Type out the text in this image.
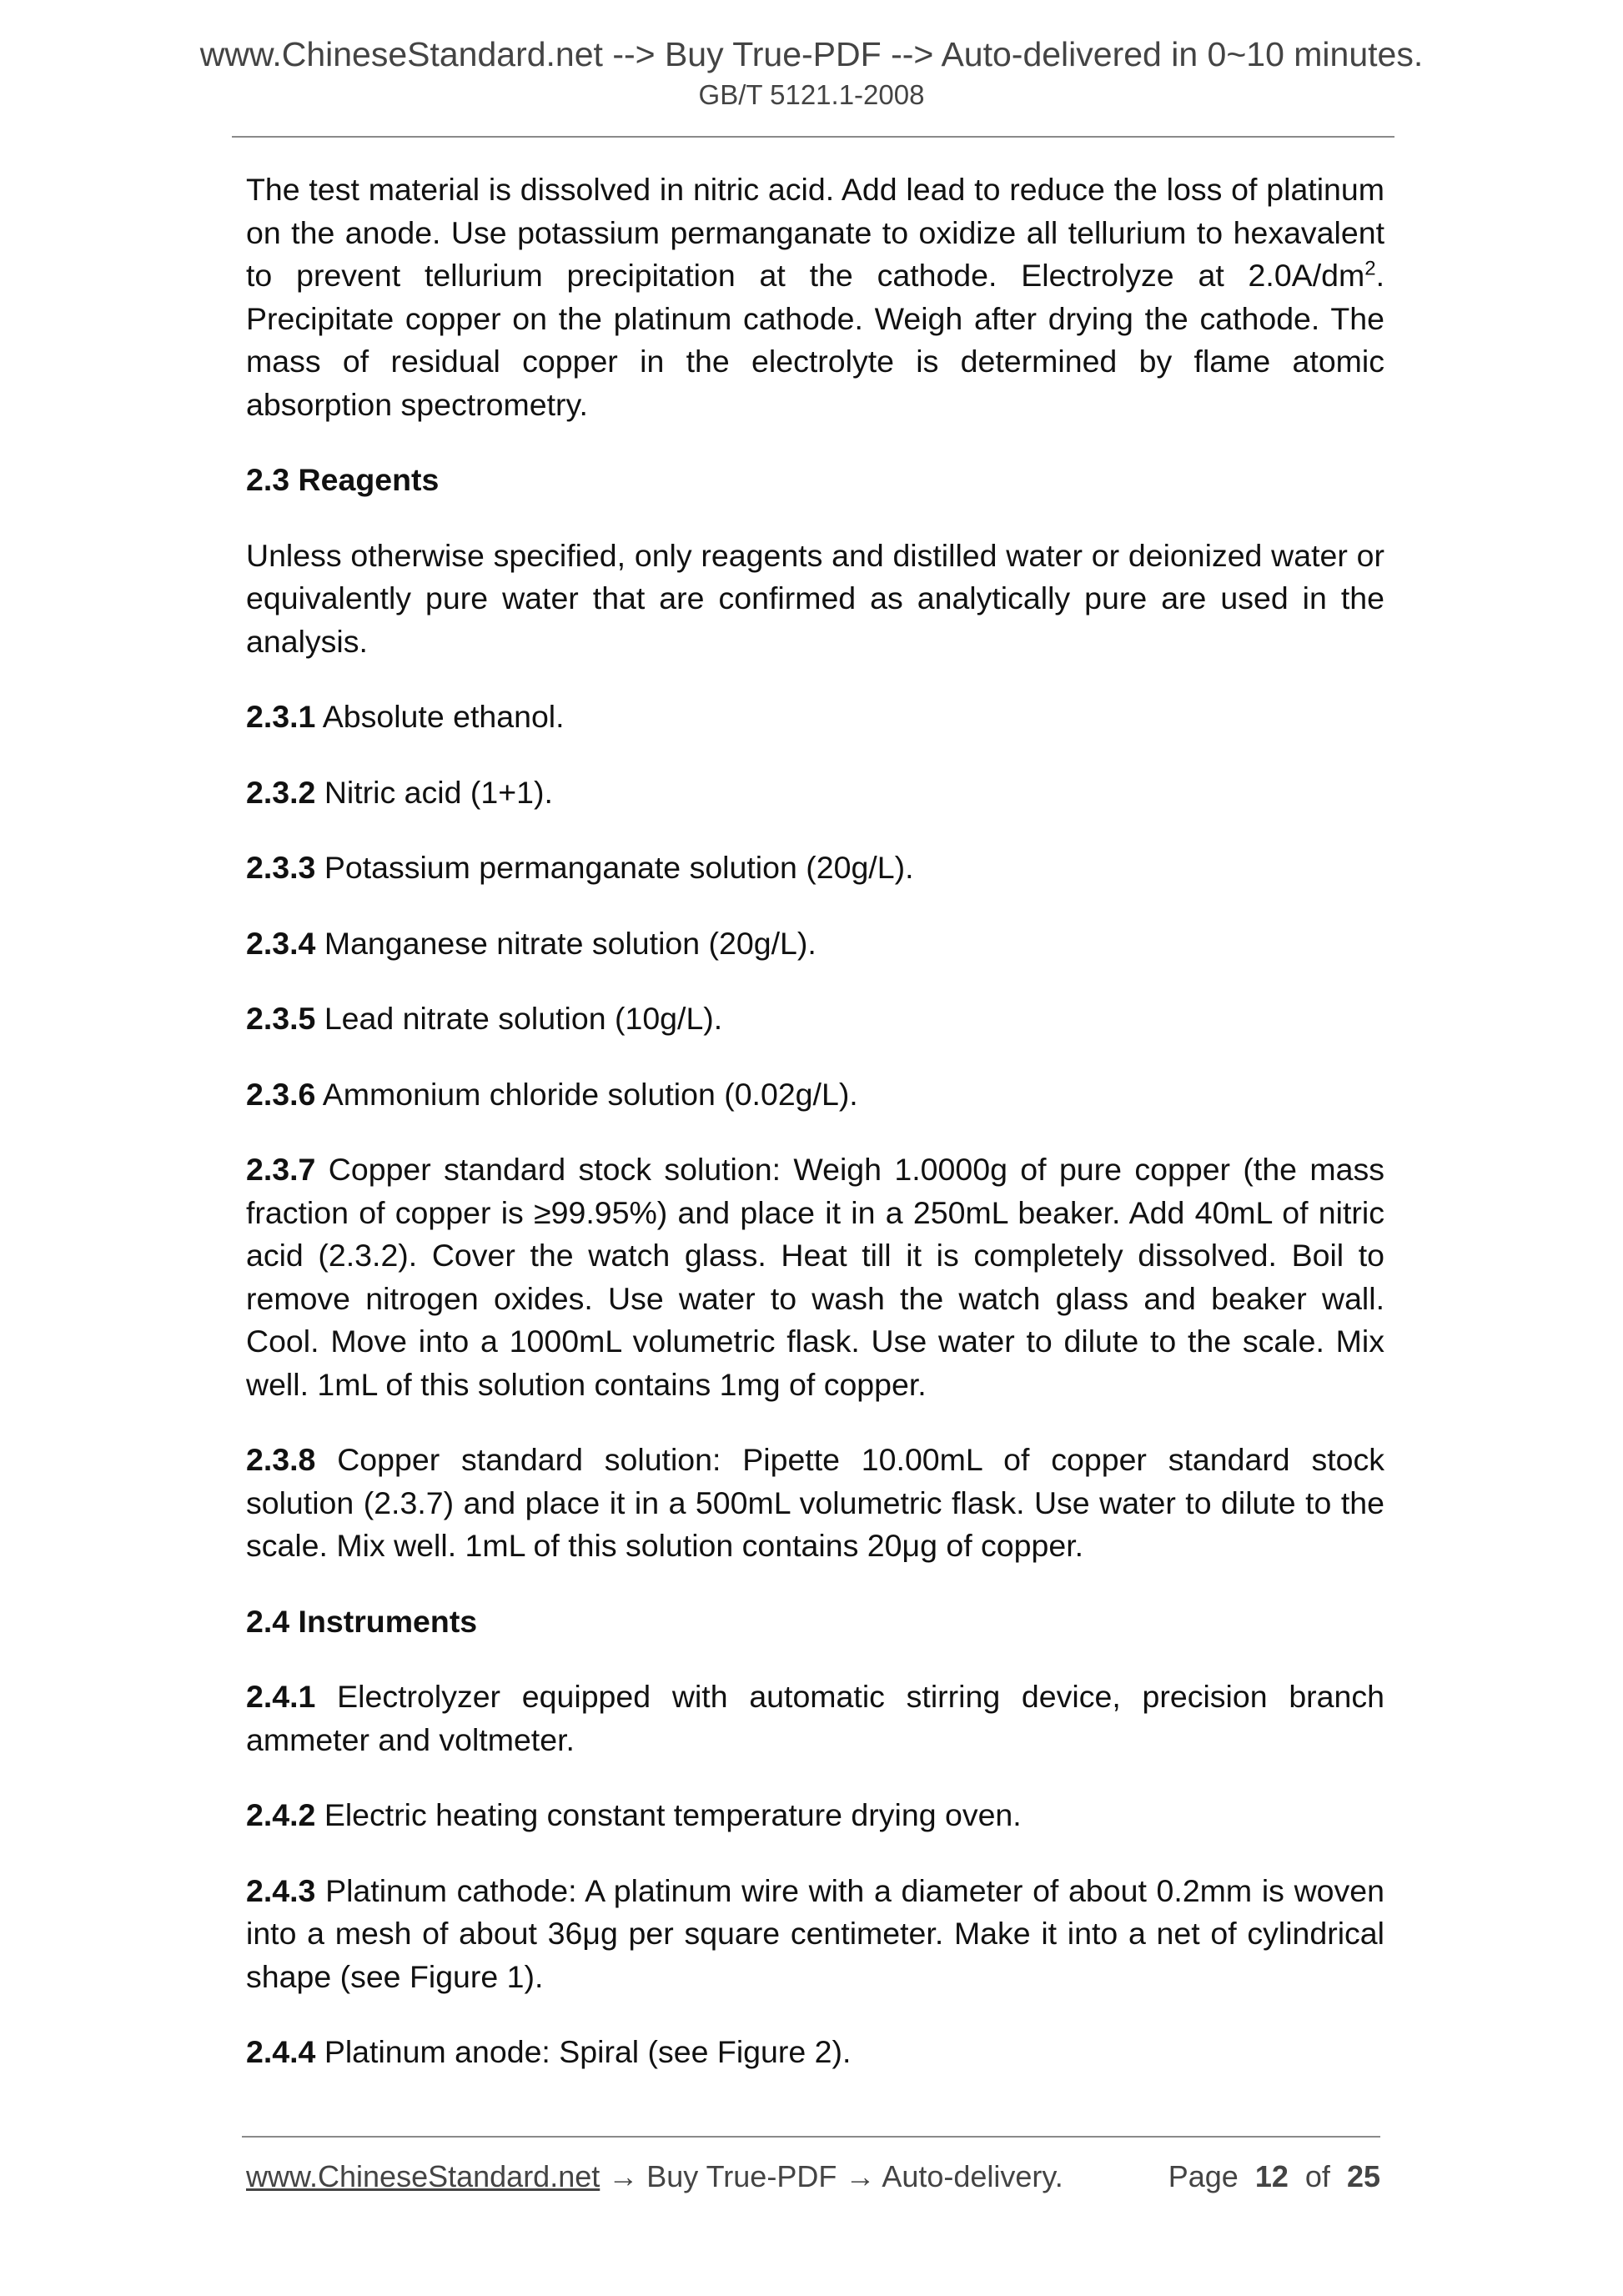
www.ChineseStandard.net --> Buy True-PDF --> Auto-delivered in 0~10 minutes.
GB/T 5121.1-2008

The test material is dissolved in nitric acid. Add lead to reduce the loss of platinum on the anode. Use potassium permanganate to oxidize all tellurium to hexavalent to prevent tellurium precipitation at the cathode. Electrolyze at $2.0A/dm^2$. Precipitate copper on the platinum cathode. Weigh after drying the cathode. The mass of residual copper in the electrolyte is determined by flame atomic absorption spectrometry.

2.3 Reagents

Unless otherwise specified, only reagents and distilled water or deionized water or equivalently pure water that are confirmed as analytically pure are used in the analysis.

2.3.1 Absolute ethanol.

2.3.2 Nitric acid (1+1).

2.3.3 Potassium permanganate solution (20g/L).

2.3.4 Manganese nitrate solution (20g/L).

2.3.5 Lead nitrate solution (10g/L).

2.3.6 Ammonium chloride solution (0.02g/L).

2.3.7 Copper standard stock solution: Weigh 1.0000g of pure copper (the mass fraction of copper is ≥99.95%) and place it in a 250mL beaker. Add 40mL of nitric acid (2.3.2). Cover the watch glass. Heat till it is completely dissolved. Boil to remove nitrogen oxides. Use water to wash the watch glass and beaker wall. Cool. Move into a 1000mL volumetric flask. Use water to dilute to the scale. Mix well. 1mL of this solution contains 1mg of copper.

2.3.8 Copper standard solution: Pipette 10.00mL of copper standard stock solution (2.3.7) and place it in a 500mL volumetric flask. Use water to dilute to the scale. Mix well. 1mL of this solution contains 20μg of copper.

2.4 Instruments

2.4.1 Electrolyzer equipped with automatic stirring device, precision branch ammeter and voltmeter.

2.4.2 Electric heating constant temperature drying oven.

2.4.3 Platinum cathode: A platinum wire with a diameter of about 0.2mm is woven into a mesh of about 36μg per square centimeter. Make it into a net of cylindrical shape (see Figure 1).

2.4.4 Platinum anode: Spiral (see Figure 2).

www.ChineseStandard.net → Buy True-PDF → Auto-delivery.	Page 12 of 25
